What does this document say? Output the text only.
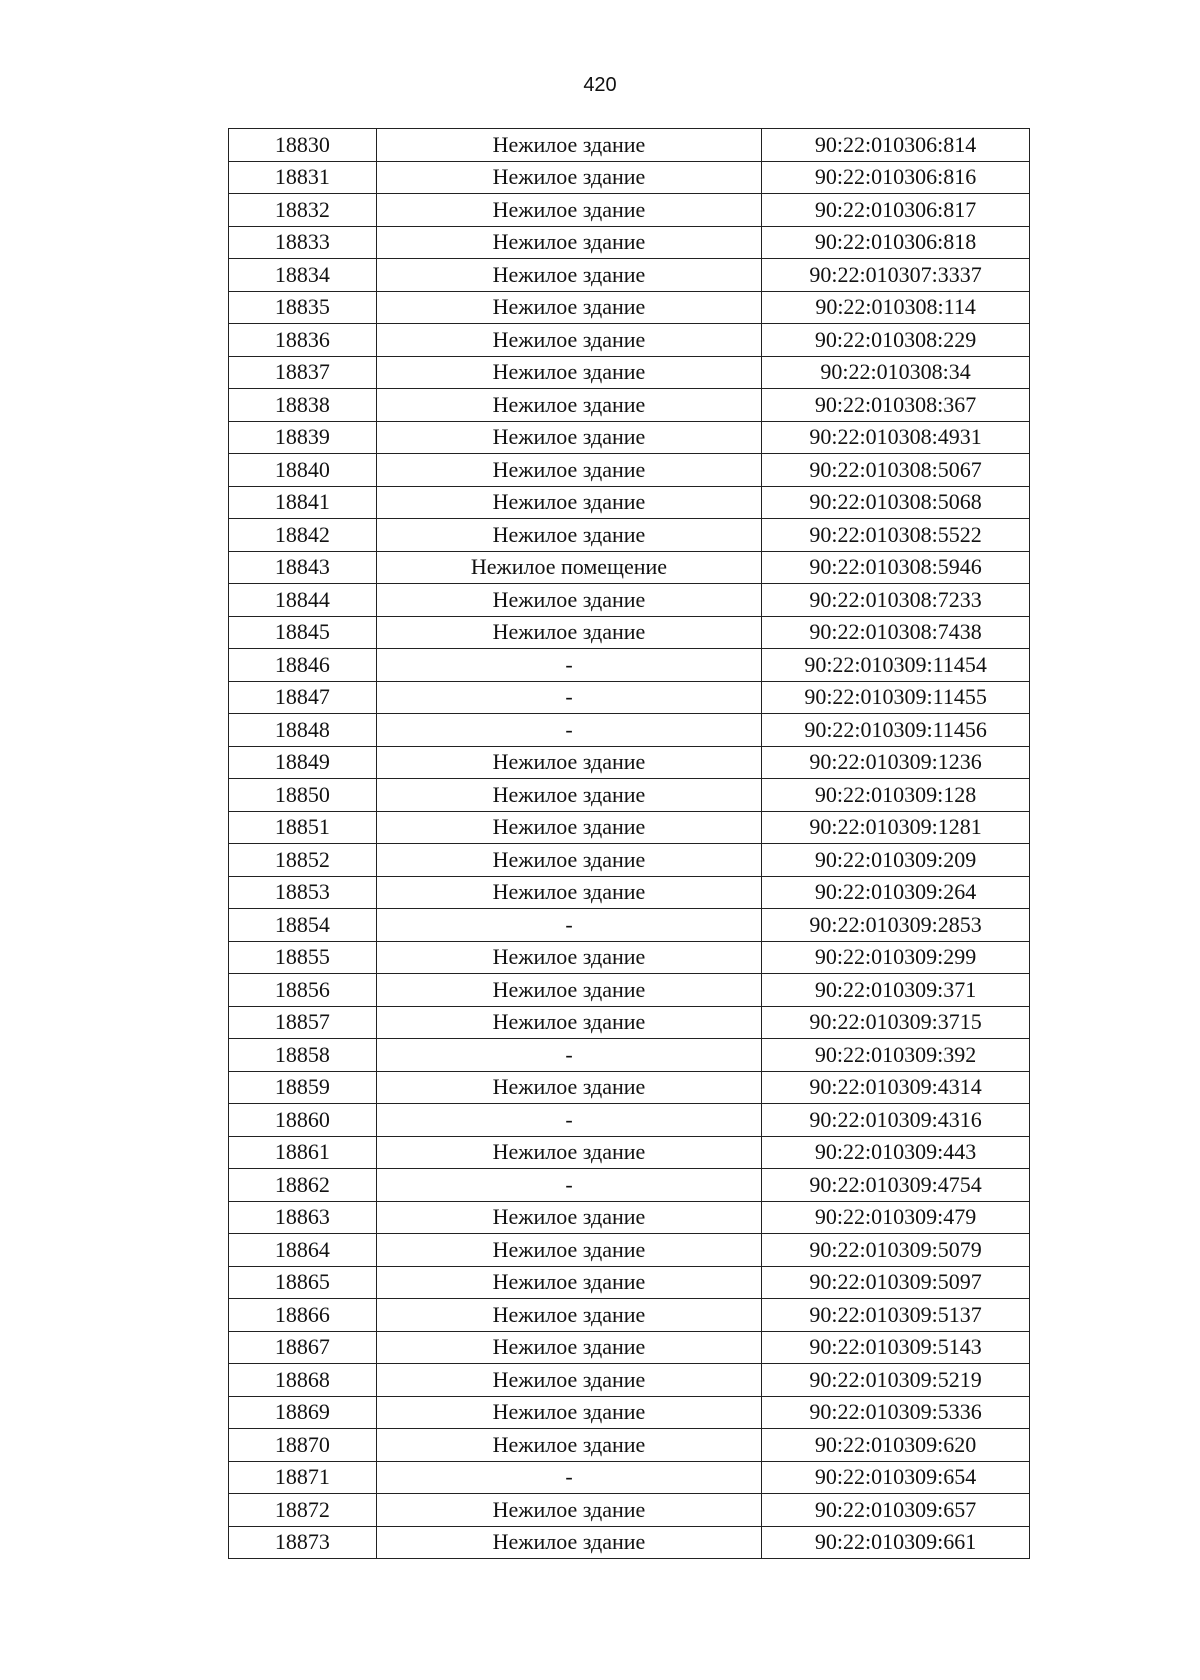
420
18830	Нежилое здание	90:22:010306:814
18831	Нежилое здание	90:22:010306:816
18832	Нежилое здание	90:22:010306:817
18833	Нежилое здание	90:22:010306:818
18834	Нежилое здание	90:22:010307:3337
18835	Нежилое здание	90:22:010308:114
18836	Нежилое здание	90:22:010308:229
18837	Нежилое здание	90:22:010308:34
18838	Нежилое здание	90:22:010308:367
18839	Нежилое здание	90:22:010308:4931
18840	Нежилое здание	90:22:010308:5067
18841	Нежилое здание	90:22:010308:5068
18842	Нежилое здание	90:22:010308:5522
18843	Нежилое помещение	90:22:010308:5946
18844	Нежилое здание	90:22:010308:7233
18845	Нежилое здание	90:22:010308:7438
18846	-	90:22:010309:11454
18847	-	90:22:010309:11455
18848	-	90:22:010309:11456
18849	Нежилое здание	90:22:010309:1236
18850	Нежилое здание	90:22:010309:128
18851	Нежилое здание	90:22:010309:1281
18852	Нежилое здание	90:22:010309:209
18853	Нежилое здание	90:22:010309:264
18854	-	90:22:010309:2853
18855	Нежилое здание	90:22:010309:299
18856	Нежилое здание	90:22:010309:371
18857	Нежилое здание	90:22:010309:3715
18858	-	90:22:010309:392
18859	Нежилое здание	90:22:010309:4314
18860	-	90:22:010309:4316
18861	Нежилое здание	90:22:010309:443
18862	-	90:22:010309:4754
18863	Нежилое здание	90:22:010309:479
18864	Нежилое здание	90:22:010309:5079
18865	Нежилое здание	90:22:010309:5097
18866	Нежилое здание	90:22:010309:5137
18867	Нежилое здание	90:22:010309:5143
18868	Нежилое здание	90:22:010309:5219
18869	Нежилое здание	90:22:010309:5336
18870	Нежилое здание	90:22:010309:620
18871	-	90:22:010309:654
18872	Нежилое здание	90:22:010309:657
18873	Нежилое здание	90:22:010309:661
